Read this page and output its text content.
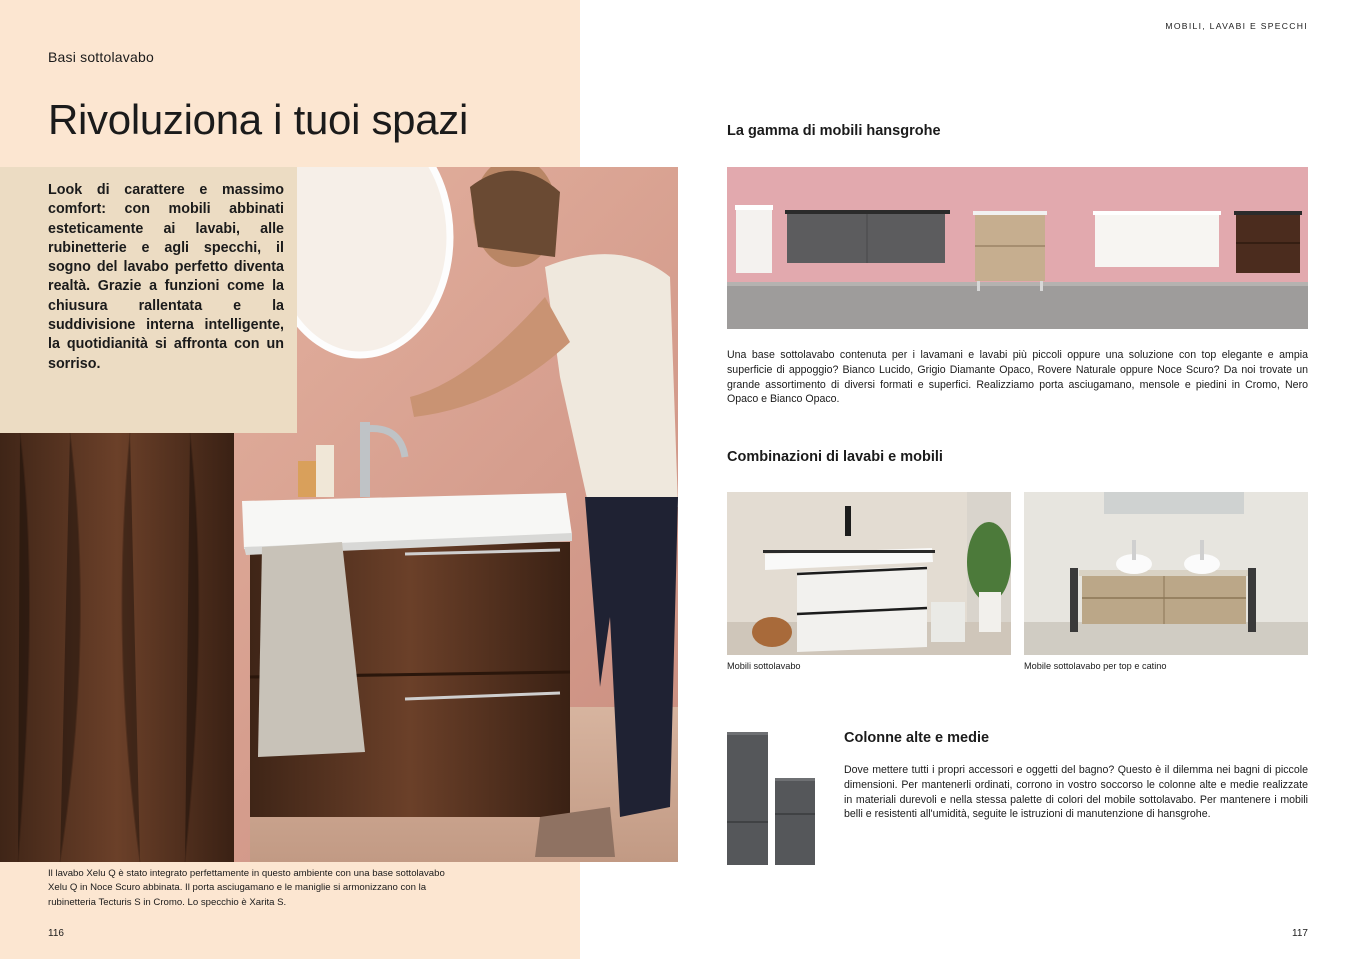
Basi sottolavabo
Rivoluziona i tuoi spazi
Look di carattere e massimo comfort: con mobili abbinati esteticamente ai lavabi, alle rubinetterie e agli specchi, il sogno del lavabo perfetto diventa realtà. Grazie a funzioni come la chiusura rallentata e la suddivisione interna intelligente, la quotidianità si affronta con un sorriso.
Il lavabo Xelu Q è stato integrato perfettamente in questo ambiente con una base sottolavabo Xelu Q in Noce Scuro abbinata. Il porta asciugamano e le maniglie si armonizzano con la rubinetteria Tecturis S in Cromo. Lo specchio è Xarita S.
116
MOBILI, LAVABI E SPECCHI
La gamma di mobili hansgrohe
Una base sottolavabo contenuta per i lavamani e lavabi più piccoli oppure una soluzione con top elegante e ampia superficie di appoggio? Bianco Lucido, Grigio Diamante Opaco, Rovere Naturale oppure Noce Scuro? Da noi trovate un grande assortimento di diversi formati e superfici. Realizziamo porta asciugamano, mensole e piedini in Cromo, Nero Opaco e Bianco Opaco.
Combinazioni di lavabi e mobili
Mobili sottolavabo	Mobile sottolavabo per top e catino
Colonne alte e medie
Dove mettere tutti i propri accessori e oggetti del bagno? Questo è il dilemma nei bagni di piccole dimensioni. Per mantenerli ordinati, corrono in vostro soccorso le colonne alte e medie realizzate in materiali durevoli e nella stessa palette di colori del mobile sottolavabo. Per mantenere i mobili belli e resistenti all'umidità, seguite le istruzioni di manutenzione di hansgrohe.
117
